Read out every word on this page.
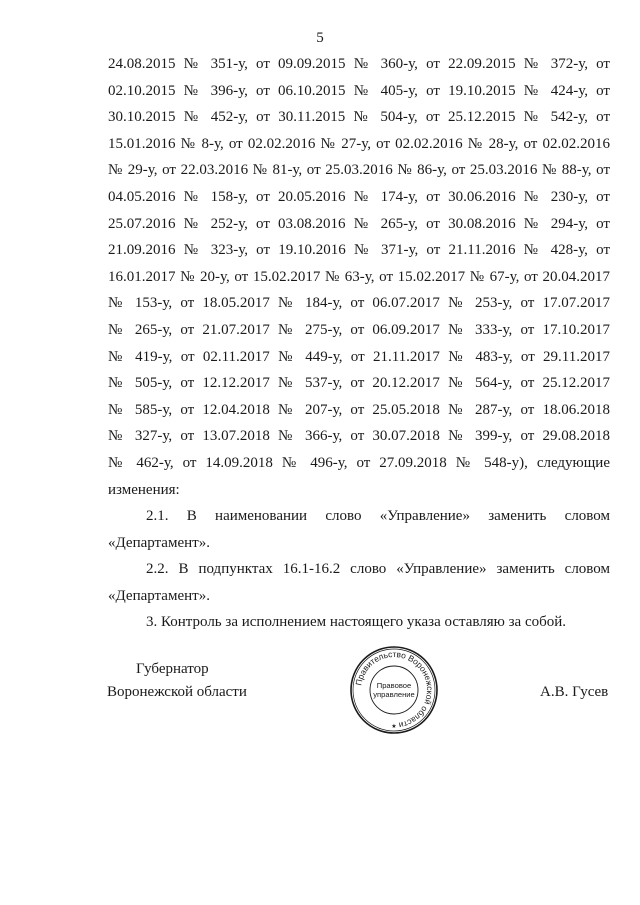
5
24.08.2015 № 351-у, от 09.09.2015 № 360-у, от 22.09.2015 № 372-у, от
02.10.2015 № 396-у, от 06.10.2015 № 405-у, от 19.10.2015 № 424-у, от
30.10.2015 № 452-у, от 30.11.2015 № 504-у, от 25.12.2015 № 542-у, от
15.01.2016 № 8-у, от 02.02.2016 № 27-у, от 02.02.2016 № 28-у, от 02.02.2016
№ 29-у, от 22.03.2016 № 81-у, от 25.03.2016 № 86-у, от 25.03.2016 № 88-у, от
04.05.2016 № 158-у, от 20.05.2016 № 174-у, от 30.06.2016 № 230-у, от
25.07.2016 № 252-у, от 03.08.2016 № 265-у, от 30.08.2016 № 294-у, от
21.09.2016 № 323-у, от 19.10.2016 № 371-у, от 21.11.2016 № 428-у, от
16.01.2017 № 20-у, от 15.02.2017 № 63-у, от 15.02.2017 № 67-у, от 20.04.2017
№ 153-у, от 18.05.2017 № 184-у, от 06.07.2017 № 253-у, от 17.07.2017
№ 265-у, от 21.07.2017 № 275-у, от 06.09.2017 № 333-у, от 17.10.2017
№ 419-у, от 02.11.2017 № 449-у, от 21.11.2017 № 483-у, от 29.11.2017
№ 505-у, от 12.12.2017 № 537-у, от 20.12.2017 № 564-у, от 25.12.2017
№ 585-у, от 12.04.2018 № 207-у, от 25.05.2018 № 287-у, от 18.06.2018
№ 327-у, от 13.07.2018 № 366-у, от 30.07.2018 № 399-у, от 29.08.2018
№ 462-у, от 14.09.2018 № 496-у, от 27.09.2018 № 548-у), следующие
изменения:
2.1. В наименовании слово «Управление» заменить словом
«Департамент».
2.2. В подпунктах 16.1-16.2 слово «Управление» заменить словом
«Департамент».
3. Контроль за исполнением настоящего указа оставляю за собой.
Губернатор
Воронежской области
Правительство Воронежской области
Правовое
управление
★
А.В. Гусев
